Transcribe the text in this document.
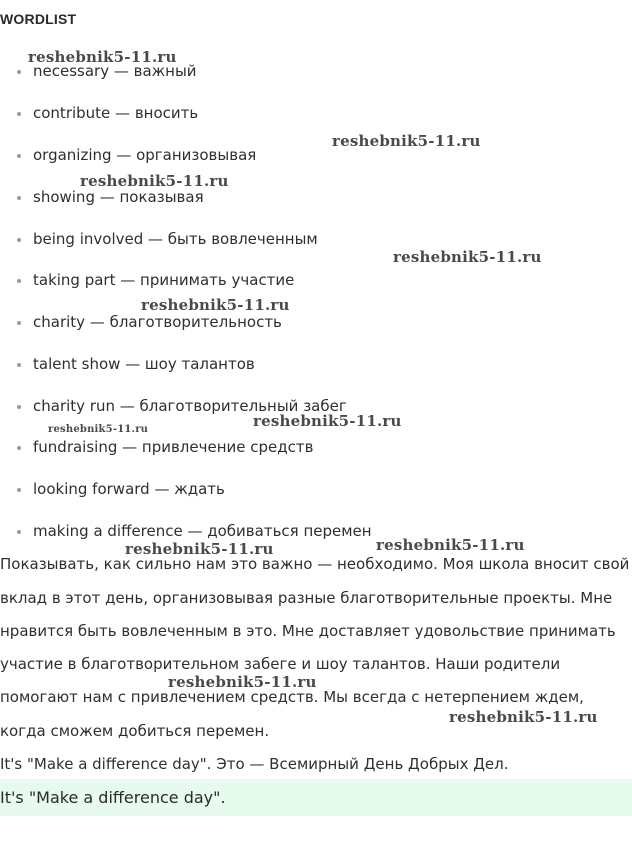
WORDLIST
necessary — важный
contribute — вносить
organizing — организовывая
showing — показывая
being involved — быть вовлеченным
taking part — принимать участие
charity — благотворительность
talent show — шоу талантов
charity run — благотворительный забег
fundraising — привлечение средств
looking forward — ждать
making a difference — добиваться перемен

Показывать, как сильно нам это важно — необходимо. Моя школа вносит свой

вклад в этот день, организовывая разные благотворительные проекты. Мне

нравится быть вовлеченным в это. Мне доставляет удовольствие принимать

участие в благотворительном забеге и шоу талантов. Наши родители

помогают нам с привлечением средств. Мы всегда с нетерпением ждем,

когда сможем добиться перемен.

It's "Make a difference day". Это — Всемирный День Добрых Дел.

It's "Make a difference day".
reshebnik5-11.ru
reshebnik5-11.ru
reshebnik5-11.ru
reshebnik5-11.ru
reshebnik5-11.ru
reshebnik5-11.ru
reshebnik5-11.ru
reshebnik5-11.ru	reshebnik5-11.ru
reshebnik5-11.ru
reshebnik5-11.ru
